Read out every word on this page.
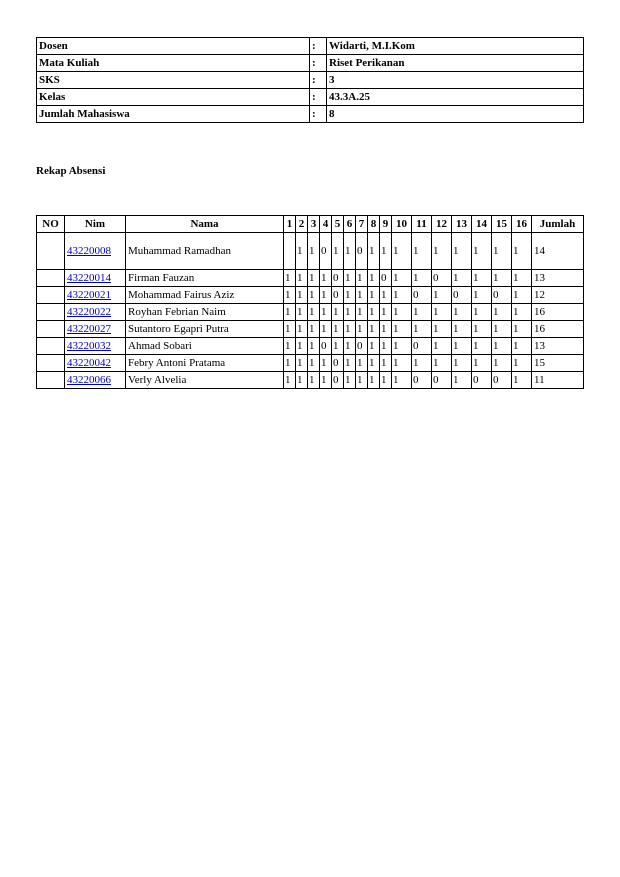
Dosen	:	Widarti, M.I.Kom
Mata Kuliah	:	Riset Perikanan
SKS	:	3
Kelas	:	43.3A.25
Jumlah Mahasiswa	:	8
Rekap Absensi
NO	Nim	Nama	1	2	3	4	5	6	7	8	9	10	11	12	13	14	15	16	Jumlah
	43220008	Muhammad Ramadhan		1	1	0	1	1	0	1	1	1	1	1	1	1	1	1	14
	43220014	Firman Fauzan	1	1	1	1	0	1	1	1	0	1	1	0	1	1	1	1	13
	43220021	Mohammad Fairus Aziz	1	1	1	1	0	1	1	1	1	1	0	1	0	1	0	1	12
	43220022	Royhan Febrian Naim	1	1	1	1	1	1	1	1	1	1	1	1	1	1	1	1	16
	43220027	Sutantoro Egapri Putra	1	1	1	1	1	1	1	1	1	1	1	1	1	1	1	1	16
	43220032	Ahmad Sobari	1	1	1	0	1	1	0	1	1	1	0	1	1	1	1	1	13
	43220042	Febry Antoni Pratama	1	1	1	1	0	1	1	1	1	1	1	1	1	1	1	1	15
	43220066	Verly Alvelia	1	1	1	1	0	1	1	1	1	1	0	0	1	0	0	1	11
